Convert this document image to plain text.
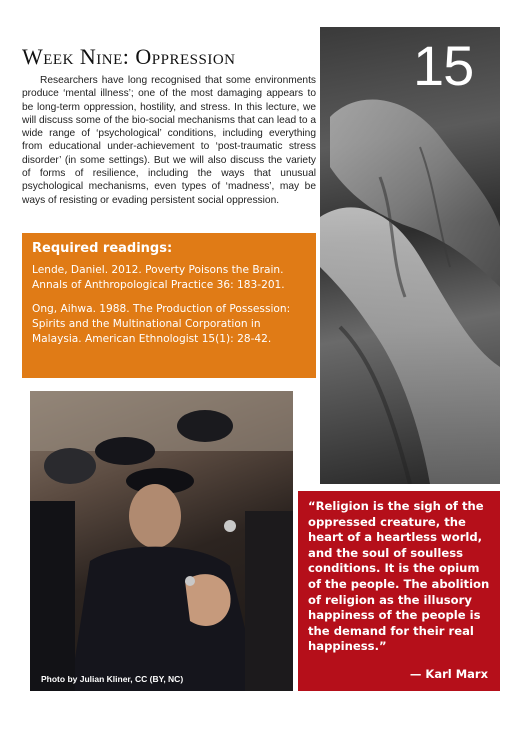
Week Nine: Oppression

Researchers have long recognised that some environments produce ‘mental illness’; one of the most damaging appears to be long-term oppression, hostility, and stress. In this lecture, we will discuss some of the bio-social mechanisms that can lead to a wide range of ‘psychological’ conditions, including everything from educational under-achievement to ‘post-traumatic stress disorder’ (in some settings). But we will also discuss the variety of forms of resilience, including the ways that unusual psychological mechanisms, even types of ‘madness’, may be ways of resisting or evading persistent social oppression.

Required readings:
Lende, Daniel. 2012. Poverty Poisons the Brain. Annals of Anthropological Practice 36: 183-201.
Ong, Aihwa. 1988. The Production of Possession: Spirits and the Multinational Corporation in Malaysia. American Ethnologist 15(1): 28-42.
15
Photo by Julian Kliner, CC (BY, NC)

“Religion is the sigh of the oppressed creature, the heart of a heartless world, and the soul of soulless conditions. It is the opium of the people. The abolition of religion as the illusory happiness of the people is the demand for their real happiness.”

— Karl Marx
